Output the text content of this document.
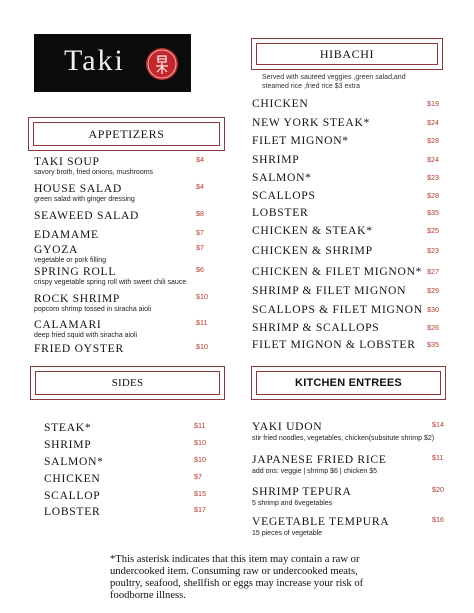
Taki	HIBACHI
Served with sauteed veggies ,green salad,and steamed rice ,fried rice $3 extra
CHICKEN	$19
NEW YORK STEAK*	$24
FILET MIGNON*	$28
SHRIMP	$24
SALMON*	$23
SCALLOPS	$28
LOBSTER	$35
CHICKEN & STEAK*	$25
CHICKEN & SHRIMP	$23
CHICKEN & FILET MIGNON* $27
SHRIMP & FILET MIGNON	$29
SCALLOPS & FILET MIGNON $30
SHRIMP & SCALLOPS	$26
FILET MIGNON & LOBSTER $35
APPETIZERS
TAKI SOUP	$4
savory broth, fried onions, mushrooms
HOUSE SALAD	$4
green salad with ginger dressing
SEAWEED SALAD	$8
EDAMAME	$7
GYOZA	$7
vegetable or pork filling
SPRING ROLL	$6
crispy vegetable spring roll with sweet chili sauce
ROCK SHRIMP	$10
popcorn shrimp tossed in siracha aioli
CALAMARI	$11
deep fried squid with siracha aioli
FRIED OYSTER	$10
SIDES
STEAK*	$11
SHRIMP	$10
SALMON*	$10
CHICKEN	$7
SCALLOP	$15
LOBSTER	$17
KITCHEN ENTREES
YAKI UDON	$14
stir fried noodles, vegetables, chicken(subsitute shrimp $2)
JAPANESE FRIED RICE	$11
add ons: veggie | shrimp $6 | chicken $5
SHRIMP TEPURA	$20
5 shrimp and 6vegetables
VEGETABLE TEMPURA	$16
15 pieces of vegetable
*This asterisk indicates that this item may contain a raw or undercooked item. Consuming raw or undercooked meats, poultry, seafood, shellfish or eggs may increase your risk of foodborne illness.
